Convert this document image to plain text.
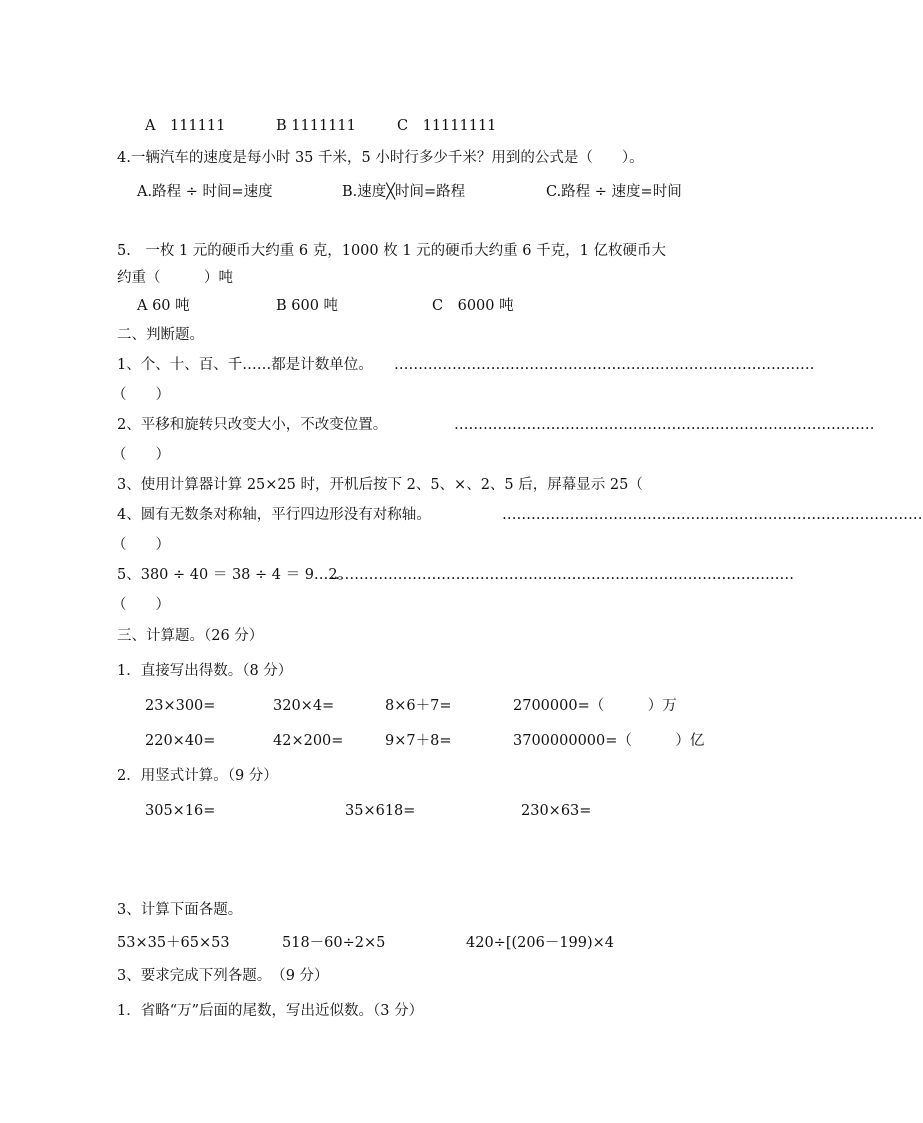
A　111111	B 1111111	C　11111111
4.一辆汽车的速度是每小时 35 千米，5 小时行多少千米？用到的公式是（　　）。
A.路程 ÷ 时间=速度	B.速度╳时间=路程	C.路程 ÷ 速度=时间
5.　一枚 1 元的硬币大约重 6 克，1000 枚 1 元的硬币大约重 6 千克，1 亿枚硬币大
约重（　　　）吨
A 60 吨	B 600 吨	C　6000 吨
二、判断题。
1、个、十、百、千……都是计数单位。 ……………………………………………………………………………
（　　）
2、平移和旋转只改变大小，不改变位置。	……………………………………………………………………………
（　　）
3、使用计算器计算 25×25 时，开机后按下 2、5、×、2、5 后，屏幕显示 25（
4、圆有无数条对称轴，平行四边形没有对称轴。	……………………………………………………………………………
（　　）
5、380 ÷ 40 ＝ 38 ÷ 4 ＝ 9…2。
……………………………………………………………………………………
（　　）
三、计算题。（26 分）
1．直接写出得数。（8 分）
23×300=	320×4=	8×6＋7=	2700000=（　　　）万
220×40=	42×200=	9×7＋8=	3700000000=（　　　）亿
2．用竖式计算。（9 分）
305×16=	35×618=	230×63=
3、计算下面各题。
53×35＋65×53	518－60÷2×5	420÷[(206－199)×4
3、要求完成下列各题。　（9 分）
1．省略“万”后面的尾数，写出近似数。（3 分）
